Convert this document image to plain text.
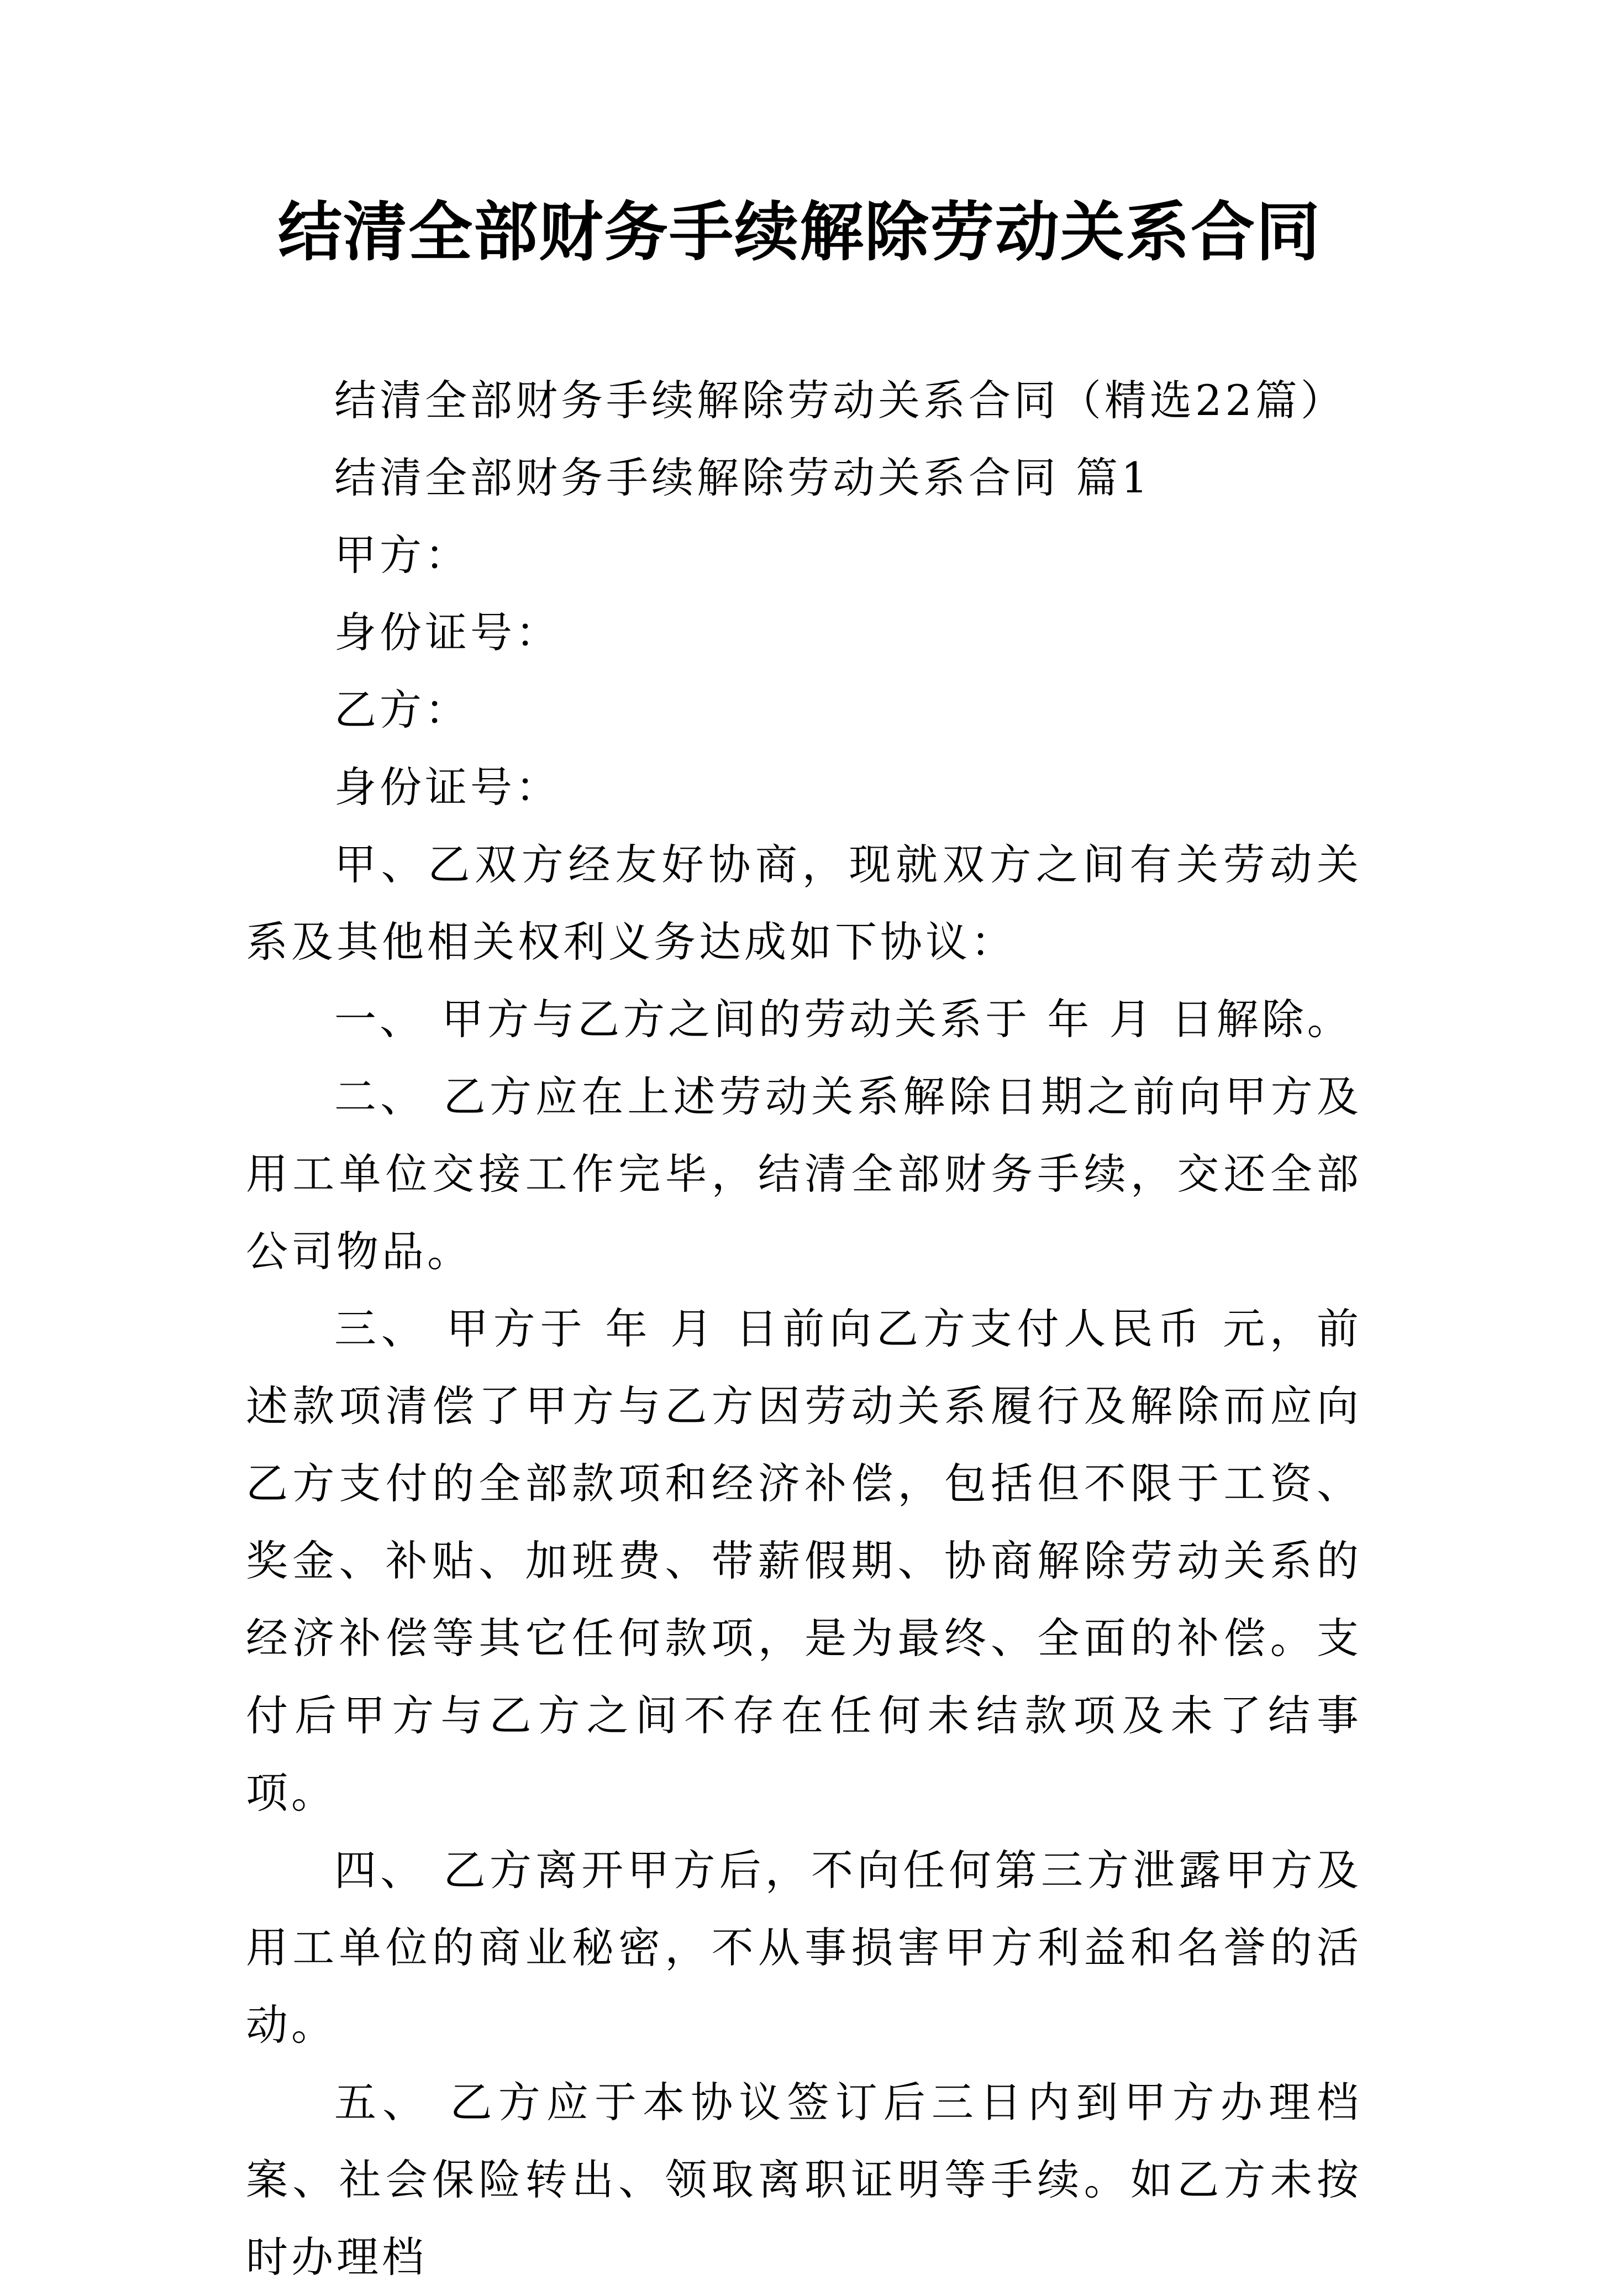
结清全部财务手续解除劳动关系合同

结清全部财务手续解除劳动关系合同（精选22篇）

结清全部财务手续解除劳动关系合同 篇1

甲方：

身份证号：

乙方：

身份证号：

甲、乙双方经友好协商，现就双方之间有关劳动关系及其他相关权利义务达成如下协议：

一、 甲方与乙方之间的劳动关系于 年 月 日解除。

二、 乙方应在上述劳动关系解除日期之前向甲方及用工单位交接工作完毕，结清全部财务手续，交还全部公司物品。

三、 甲方于 年 月 日前向乙方支付人民币 元，前述款项清偿了甲方与乙方因劳动关系履行及解除而应向乙方支付的全部款项和经济补偿，包括但不限于工资、奖金、补贴、加班费、带薪假期、协商解除劳动关系的经济补偿等其它任何款项，是为最终、全面的补偿。支付后甲方与乙方之间不存在任何未结款项及未了结事项。

四、 乙方离开甲方后，不向任何第三方泄露甲方及用工单位的商业秘密，不从事损害甲方利益和名誉的活动。

五、 乙方应于本协议签订后三日内到甲方办理档案、社会保险转出、领取离职证明等手续。如乙方未按时办理档
